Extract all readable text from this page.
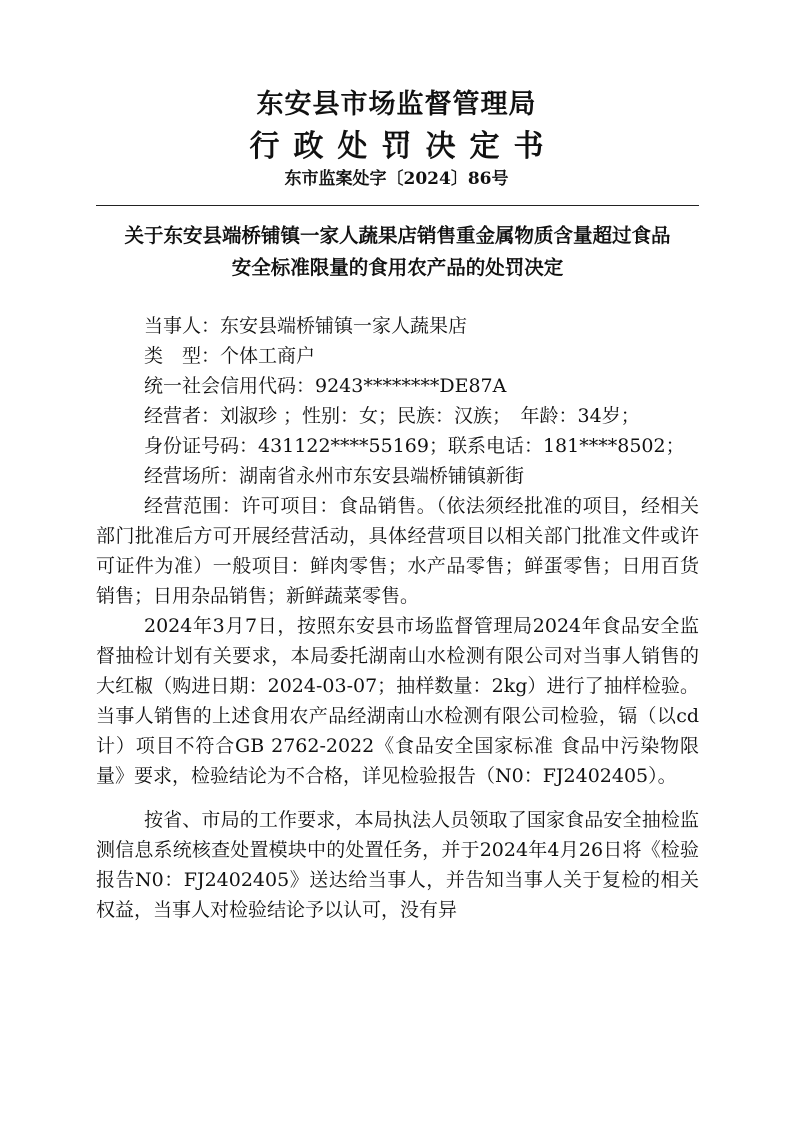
东安县市场监督管理局
行政处罚决定书
东市监案处字〔2024〕86号
关于东安县端桥铺镇一家人蔬果店销售重金属物质含量超过食品
安全标准限量的食用农产品的处罚决定
当事人：东安县端桥铺镇一家人蔬果店
类　型：个体工商户
统一社会信用代码：9243********DE87A
经营者：刘淑珍 ；性别：女；民族：汉族；　年龄：34岁；
身份证号码：431122****55169；联系电话：181****8502；
经营场所：湖南省永州市东安县端桥铺镇新街

经营范围：许可项目：食品销售。（依法须经批准的项目，经相关部门批准后方可开展经营活动，具体经营项目以相关部门批准文件或许可证件为准）一般项目：鲜肉零售；水产品零售；鲜蛋零售；日用百货销售；日用杂品销售；新鲜蔬菜零售。

2024年3月7日，按照东安县市场监督管理局2024年食品安全监督抽检计划有关要求，本局委托湖南山水检测有限公司对当事人销售的大红椒（购进日期：2024-03-07；抽样数量：2kg）进行了抽样检验。当事人销售的上述食用农产品经湖南山水检测有限公司检验，镉（以cd计）项目不符合GB 2762-2022《食品安全国家标准 食品中污染物限量》要求，检验结论为不合格，详见检验报告（N0：FJ2402405）。

按省、市局的工作要求，本局执法人员领取了国家食品安全抽检监测信息系统核查处置模块中的处置任务，并于2024年4月26日将《检验报告N0：FJ2402405》送达给当事人，并告知当事人关于复检的相关权益，当事人对检验结论予以认可，没有异
